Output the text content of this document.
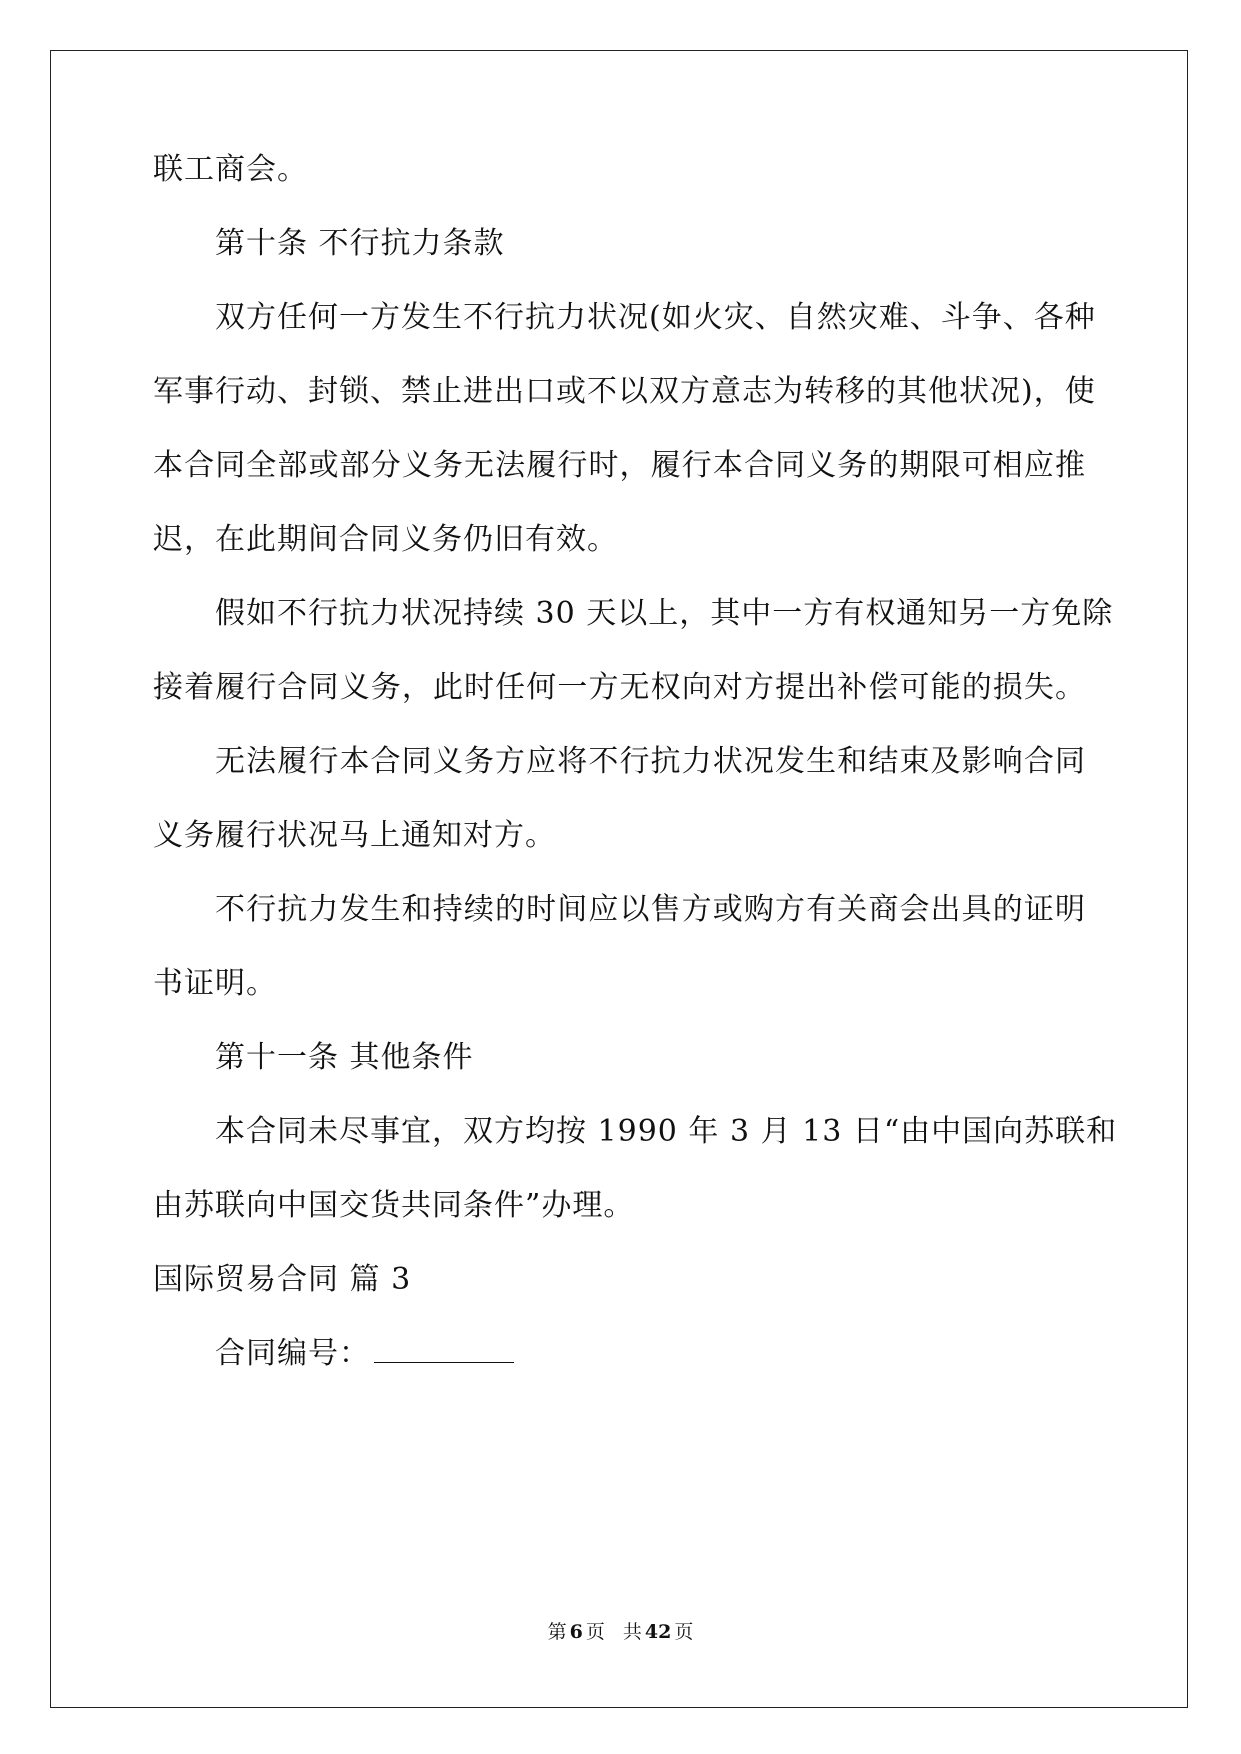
联工商会。
第十条 不行抗力条款
双方任何一方发生不行抗力状况(如火灾、自然灾难、斗争、各种
军事行动、封锁、禁止进出口或不以双方意志为转移的其他状况)，使
本合同全部或部分义务无法履行时，履行本合同义务的期限可相应推
迟，在此期间合同义务仍旧有效。
假如不行抗力状况持续 30 天以上，其中一方有权通知另一方免除
接着履行合同义务，此时任何一方无权向对方提出补偿可能的损失。
无法履行本合同义务方应将不行抗力状况发生和结束及影响合同
义务履行状况马上通知对方。
不行抗力发生和持续的时间应以售方或购方有关商会出具的证明
书证明。
第十一条 其他条件
本合同未尽事宜，双方均按 1990 年 3 月 13 日“由中国向苏联和
由苏联向中国交货共同条件”办理。
国际贸易合同 篇 3
合同编号：
第 6 页 共 42 页
